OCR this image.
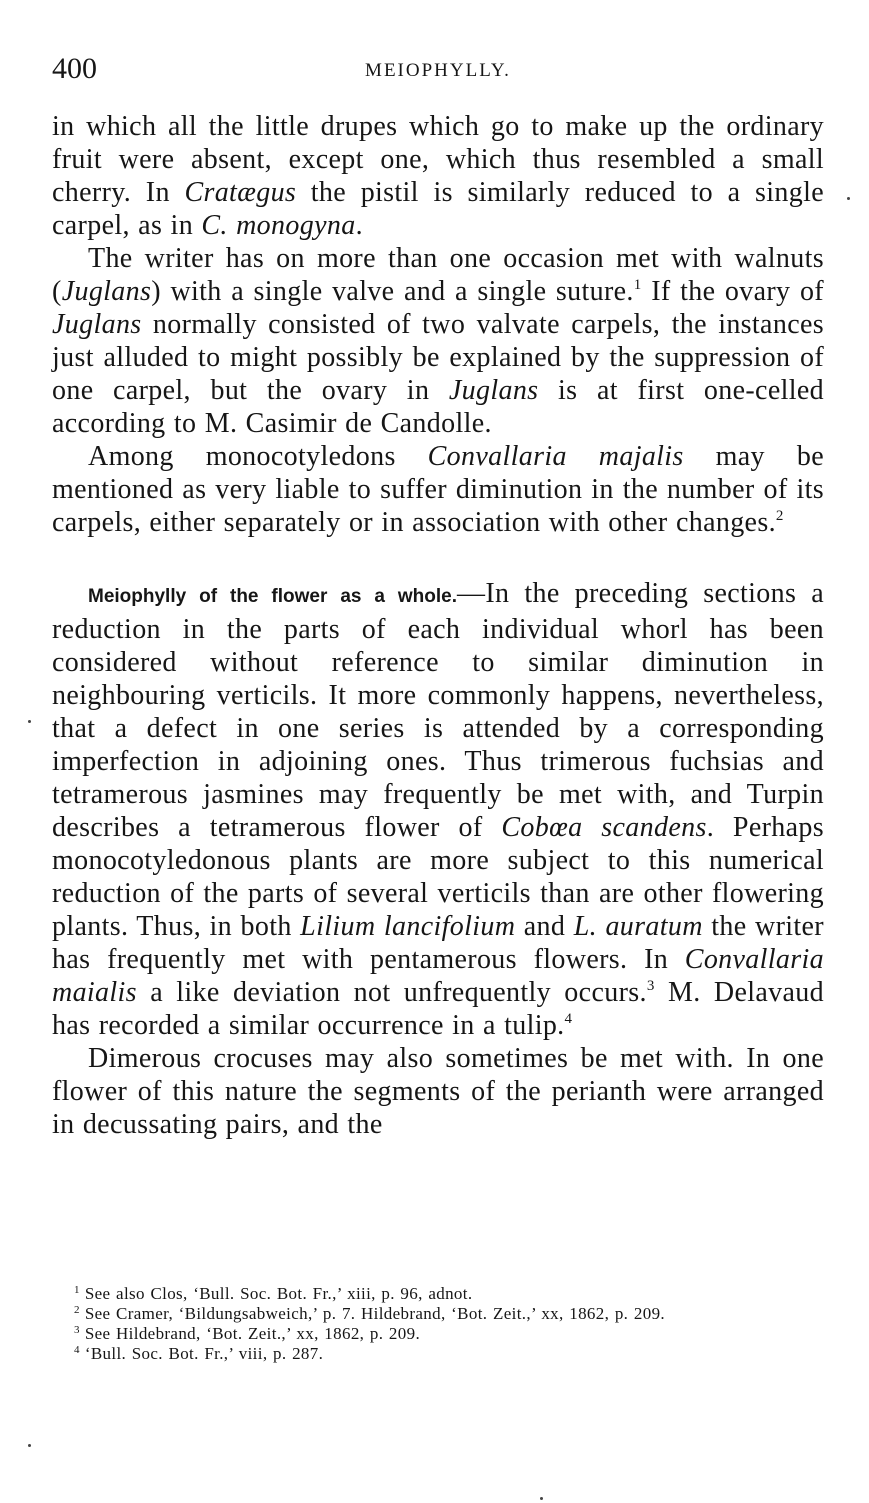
400	MEIOPHYLLY.

in which all the little drupes which go to make up the ordinary fruit were absent, except one, which thus resembled a small cherry. In Cratægus the pistil is similarly reduced to a single carpel, as in C. monogyna.

The writer has on more than one occasion met with walnuts (Juglans) with a single valve and a single suture.$^1$ If the ovary of Juglans normally consisted of two valvate carpels, the instances just alluded to might possibly be explained by the suppression of one carpel, but the ovary in Juglans is at first one-celled according to M. Casimir de Candolle.

Among monocotyledons Convallaria majalis may be mentioned as very liable to suffer diminution in the number of its carpels, either separately or in association with other changes.$^2$

Meiophylly of the flower as a whole.—In the preceding sections a reduction in the parts of each individual whorl has been considered without reference to similar diminution in neighbouring verticils. It more commonly happens, nevertheless, that a defect in one series is attended by a corresponding imperfection in adjoining ones. Thus trimerous fuchsias and tetramerous jasmines may frequently be met with, and Turpin describes a tetramerous flower of Cobœa scandens. Perhaps monocotyledonous plants are more subject to this numerical reduction of the parts of several verticils than are other flowering plants. Thus, in both Lilium lancifolium and L. auratum the writer has frequently met with pentamerous flowers. In Convallaria maialis a like deviation not unfrequently occurs.$^3$ M. Delavaud has recorded a similar occurrence in a tulip.$^4$

Dimerous crocuses may also sometimes be met with. In one flower of this nature the segments of the perianth were arranged in decussating pairs, and the

$^1$ See also Clos, ‘Bull. Soc. Bot. Fr.,’ xiii, p. 96, adnot.

$^2$ See Cramer, ‘Bildungsabweich,’ p. 7. Hildebrand, ‘Bot. Zeit.,’ xx, 1862, p. 209.

$^3$ See Hildebrand, ‘Bot. Zeit.,’ xx, 1862, p. 209.

$^4$ ‘Bull. Soc. Bot. Fr.,’ viii, p. 287.
